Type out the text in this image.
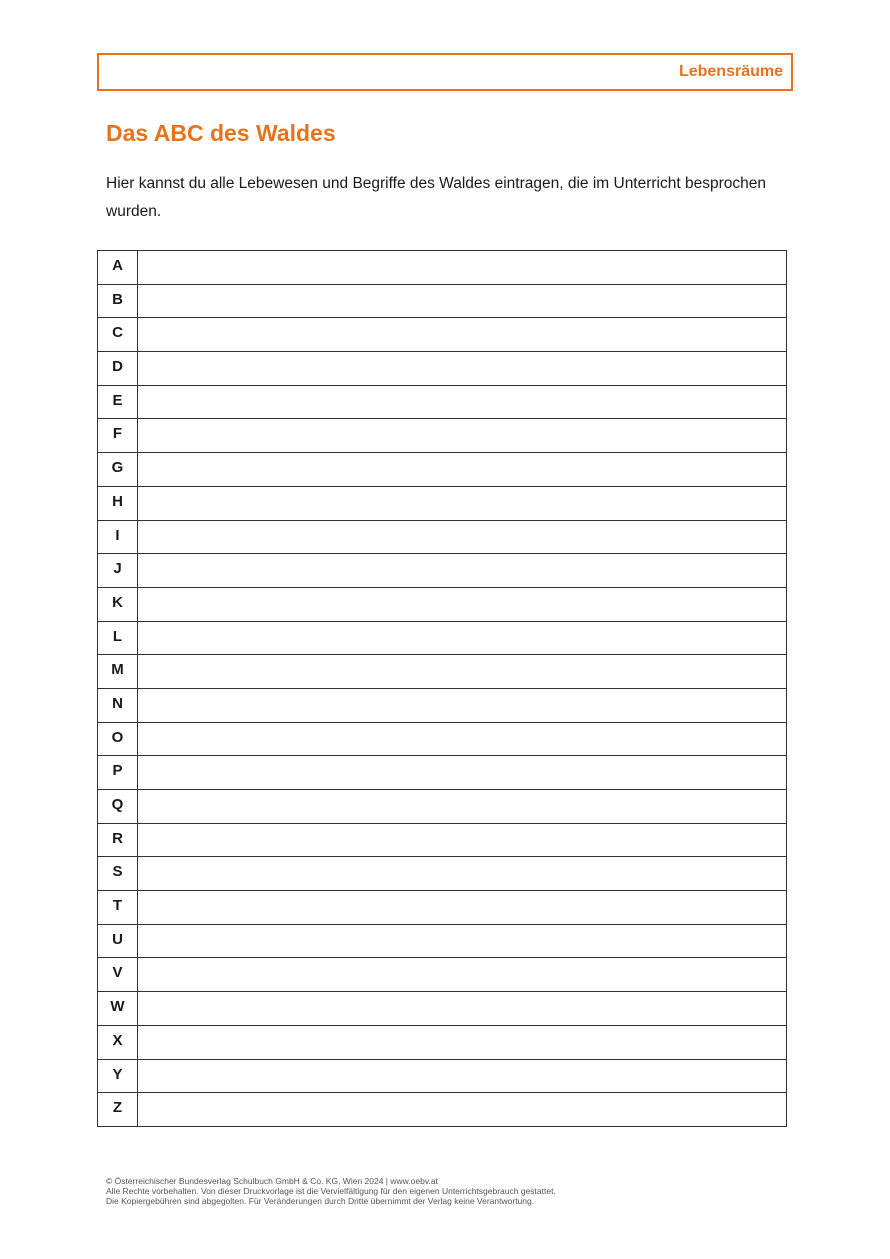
Lebensräume
Das ABC des Waldes
Hier kannst du alle Lebewesen und Begriffe des Waldes eintragen, die im Unterricht besprochen wurden.
A	
B	
C	
D	
E	
F	
G	
H	
I	
J	
K	
L	
M	
N	
O	
P	
Q	
R	
S	
T	
U	
V	
W	
X	
Y	
Z	
© Österreichischer Bundesverlag Schulbuch GmbH & Co. KG, Wien 2024 | www.oebv.at
Alle Rechte vorbehalten. Von dieser Druckvorlage ist die Vervielfältigung für den eigenen Unterrichtsgebrauch gestattet.
Die Kopiergebühren sind abgegolten. Für Veränderungen durch Dritte übernimmt der Verlag keine Verantwortung.
